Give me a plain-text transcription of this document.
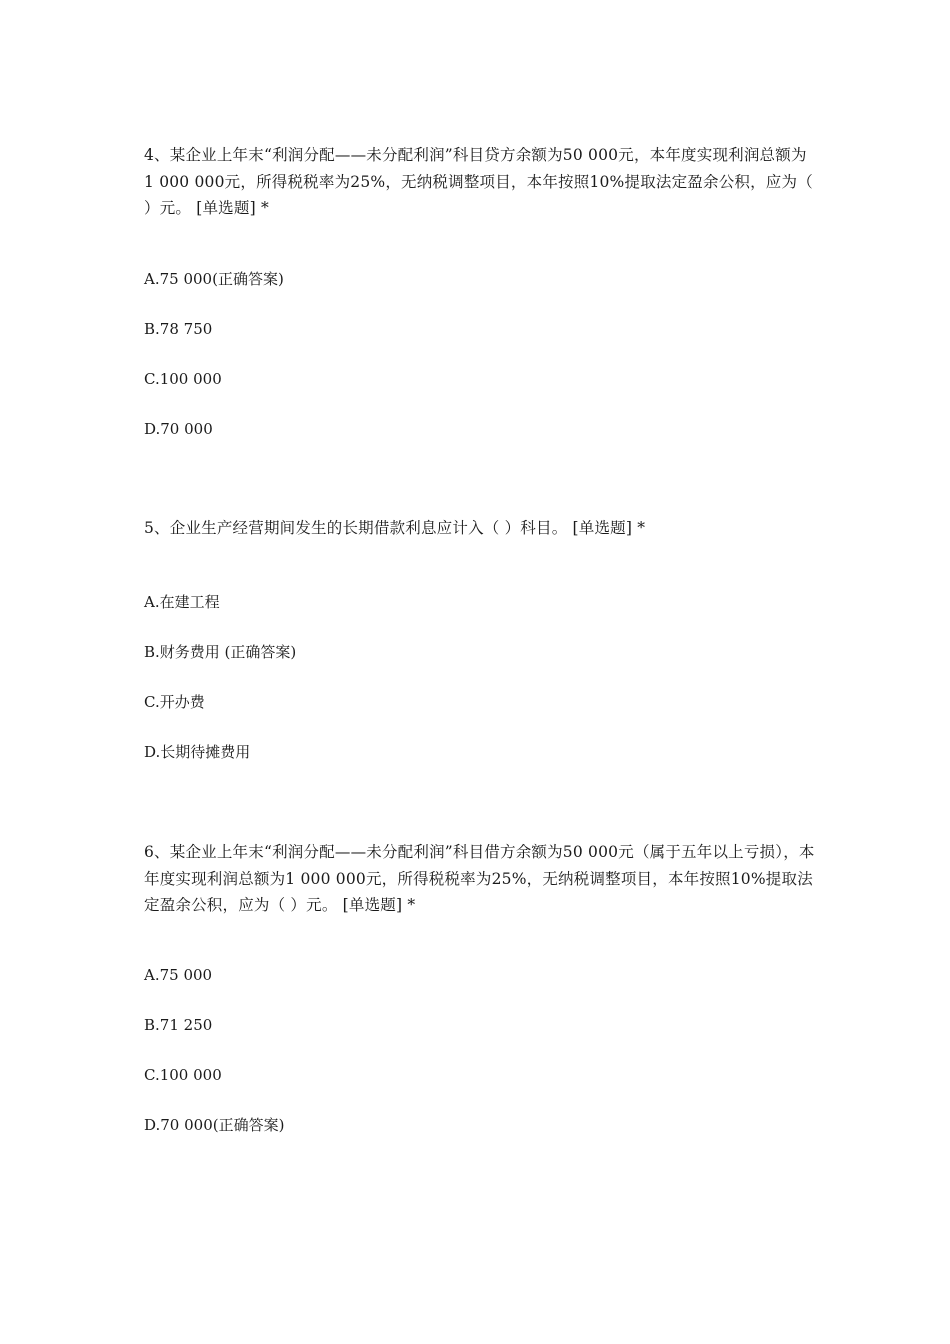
4、某企业上年末“利润分配——未分配利润”科目贷方余额为50 000元，本年度实现利润总额为1 000 000元，所得税税率为25%，无纳税调整项目，本年按照10%提取法定盈余公积，应为（ ）元。 [单选题] *

A.75 000(正确答案)
B.78 750
C.100 000
D.70 000

5、企业生产经营期间发生的长期借款利息应计入（ ）科目。 [单选题] *

A.在建工程
B.财务费用 (正确答案)
C.开办费
D.长期待摊费用

6、某企业上年末“利润分配——未分配利润”科目借方余额为50 000元（属于五年以上亏损），本年度实现利润总额为1 000 000元，所得税税率为25%，无纳税调整项目，本年按照10%提取法定盈余公积，应为（ ）元。 [单选题] *

A.75 000
B.71 250
C.100 000
D.70 000(正确答案)
